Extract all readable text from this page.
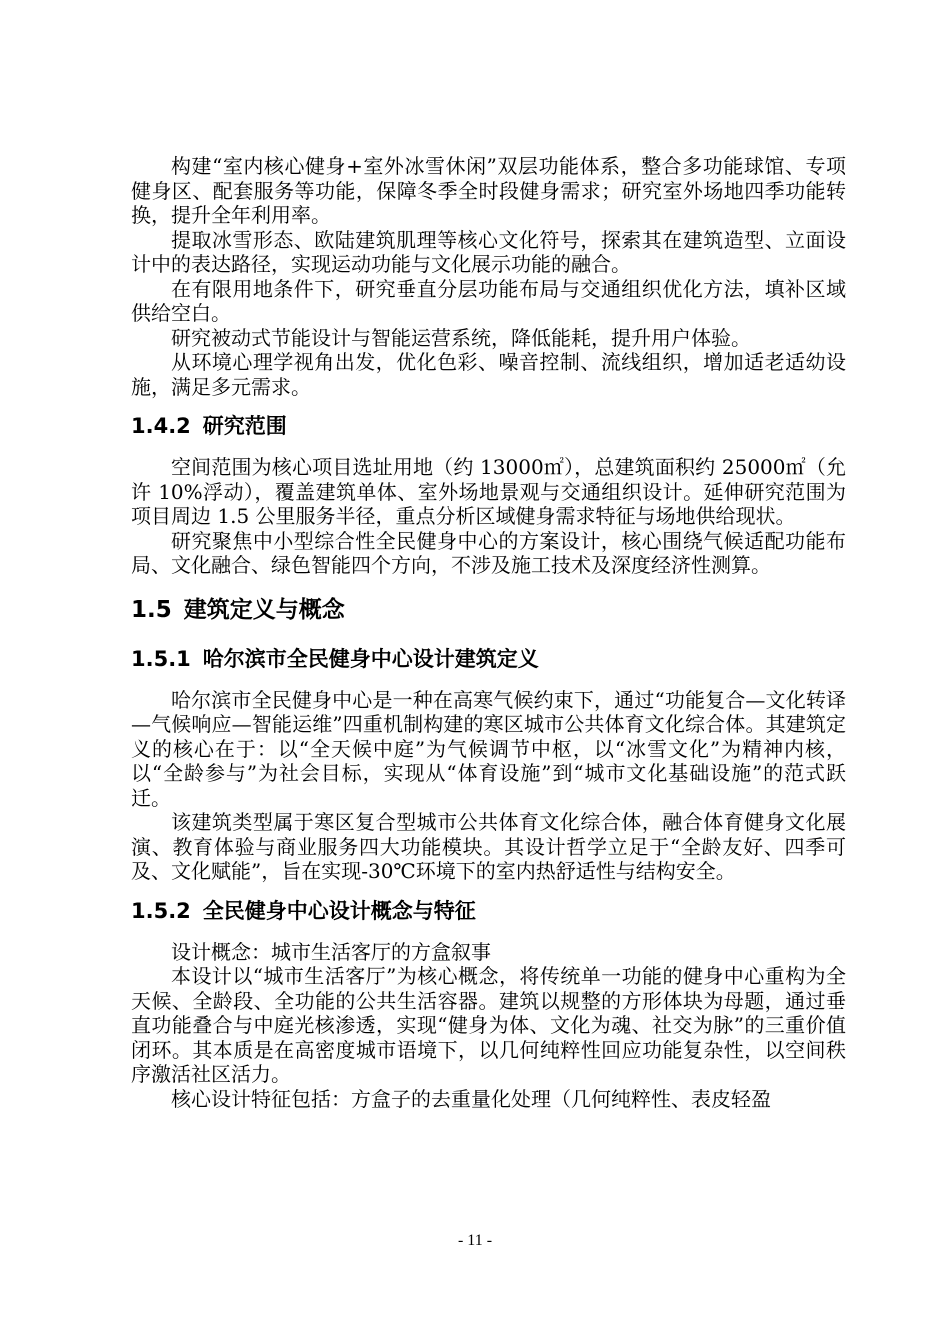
构建“室内核心健身+室外冰雪休闲”双层功能体系，整合多功能球馆、专项健身区、配套服务等功能，保障冬季全时段健身需求；研究室外场地四季功能转换，提升全年利用率。

提取冰雪形态、欧陆建筑肌理等核心文化符号，探索其在建筑造型、立面设计中的表达路径，实现运动功能与文化展示功能的融合。

在有限用地条件下，研究垂直分层功能布局与交通组织优化方法，填补区域供给空白。

研究被动式节能设计与智能运营系统，降低能耗，提升用户体验。

从环境心理学视角出发，优化色彩、噪音控制、流线组织，增加适老适幼设施，满足多元需求。

1.4.2 研究范围

空间范围为核心项目选址用地（约 13000㎡），总建筑面积约 25000㎡（允许 10%浮动），覆盖建筑单体、室外场地景观与交通组织设计。延伸研究范围为项目周边 1.5 公里服务半径，重点分析区域健身需求特征与场地供给现状。

研究聚焦中小型综合性全民健身中心的方案设计，核心围绕气候适配功能布局、文化融合、绿色智能四个方向，不涉及施工技术及深度经济性测算。

1.5 建筑定义与概念
1.5.1 哈尔滨市全民健身中心设计建筑定义

哈尔滨市全民健身中心是一种在高寒气候约束下，通过“功能复合—文化转译—气候响应—智能运维”四重机制构建的寒区城市公共体育文化综合体。其建筑定义的核心在于：以“全天候中庭”为气候调节中枢，以“冰雪文化”为精神内核，以“全龄参与”为社会目标，实现从“体育设施”到“城市文化基础设施”的范式跃迁。

该建筑类型属于寒区复合型城市公共体育文化综合体，融合体育健身文化展演、教育体验与商业服务四大功能模块。其设计哲学立足于“全龄友好、四季可及、文化赋能”，旨在实现-30℃环境下的室内热舒适性与结构安全。

1.5.2 全民健身中心设计概念与特征

设计概念：城市生活客厅的方盒叙事

本设计以“城市生活客厅”为核心概念，将传统单一功能的健身中心重构为全天候、全龄段、全功能的公共生活容器。建筑以规整的方形体块为母题，通过垂直功能叠合与中庭光核渗透，实现“健身为体、文化为魂、社交为脉”的三重价值闭环。其本质是在高密度城市语境下，以几何纯粹性回应功能复杂性，以空间秩序激活社区活力。

核心设计特征包括：方盒子的去重量化处理（几何纯粹性、表皮轻盈

- 11 -
